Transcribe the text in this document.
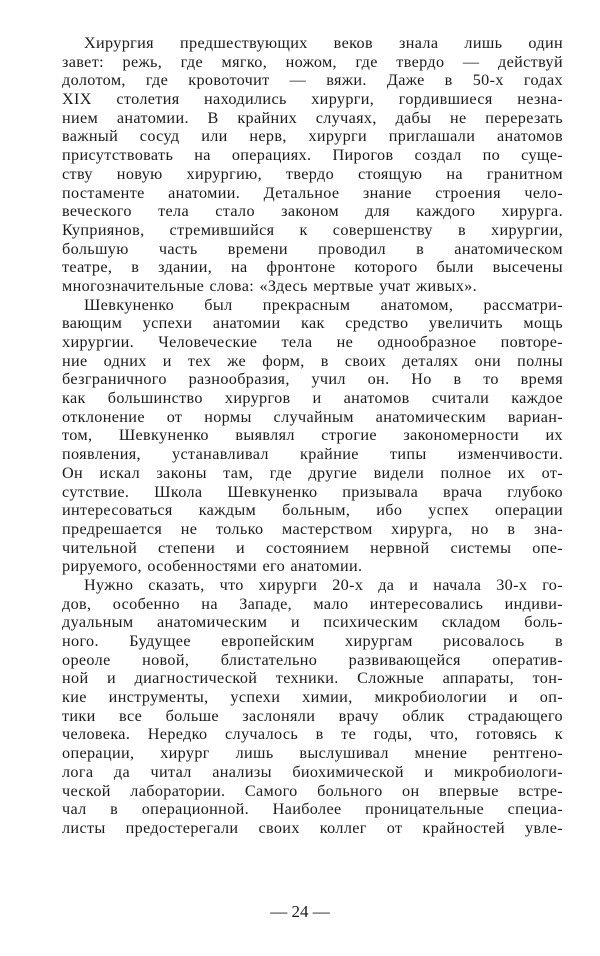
Хирургия предшествующих веков знала лишь один
завет: режь, где мягко, ножом, где твердо — действуй
долотом, где кровоточит — вяжи. Даже в 50-х годах
XIX столетия находились хирурги, гордившиеся незна-
нием анатомии. В крайних случаях, дабы не перерезать
важный сосуд или нерв, хирурги приглашали анатомов
присутствовать на операциях. Пирогов создал по суще-
ству новую хирургию, твердо стоящую на гранитном
постаменте анатомии. Детальное знание строения чело-
веческого тела стало законом для каждого хирурга.
Куприянов, стремившийся к совершенству в хирургии,
большую часть времени проводил в анатомическом
театре, в здании, на фронтоне которого были высечены
многозначительные слова: «Здесь мертвые учат живых».
Шевкуненко был прекрасным анатомом, рассматри-
вающим успехи анатомии как средство увеличить мощь
хирургии. Человеческие тела не однообразное повторе-
ние одних и тех же форм, в своих деталях они полны
безграничного разнообразия, учил он. Но в то время
как большинство хирургов и анатомов считали каждое
отклонение от нормы случайным анатомическим вариан-
том, Шевкуненко выявлял строгие закономерности их
появления, устанавливал крайние типы изменчивости.
Он искал законы там, где другие видели полное их от-
сутствие. Школа Шевкуненко призывала врача глубоко
интересоваться каждым больным, ибо успех операции
предрешается не только мастерством хирурга, но в зна-
чительной степени и состоянием нервной системы опе-
рируемого, особенностями его анатомии.
Нужно сказать, что хирурги 20-х да и начала 30-х го-
дов, особенно на Западе, мало интересовались индиви-
дуальным анатомическим и психическим складом боль-
ного. Будущее европейским хирургам рисовалось в
ореоле новой, блистательно развивающейся оператив-
ной и диагностической техники. Сложные аппараты, тон-
кие инструменты, успехи химии, микробиологии и оп-
тики все больше заслоняли врачу облик страдающего
человека. Нередко случалось в те годы, что, готовясь к
операции, хирург лишь выслушивал мнение рентгено-
лога да читал анализы биохимической и микробиологи-
ческой лаборатории. Самого больного он впервые встре-
чал в операционной. Наиболее проницательные специа-
листы предостерегали своих коллег от крайностей увле-
— 24 —
